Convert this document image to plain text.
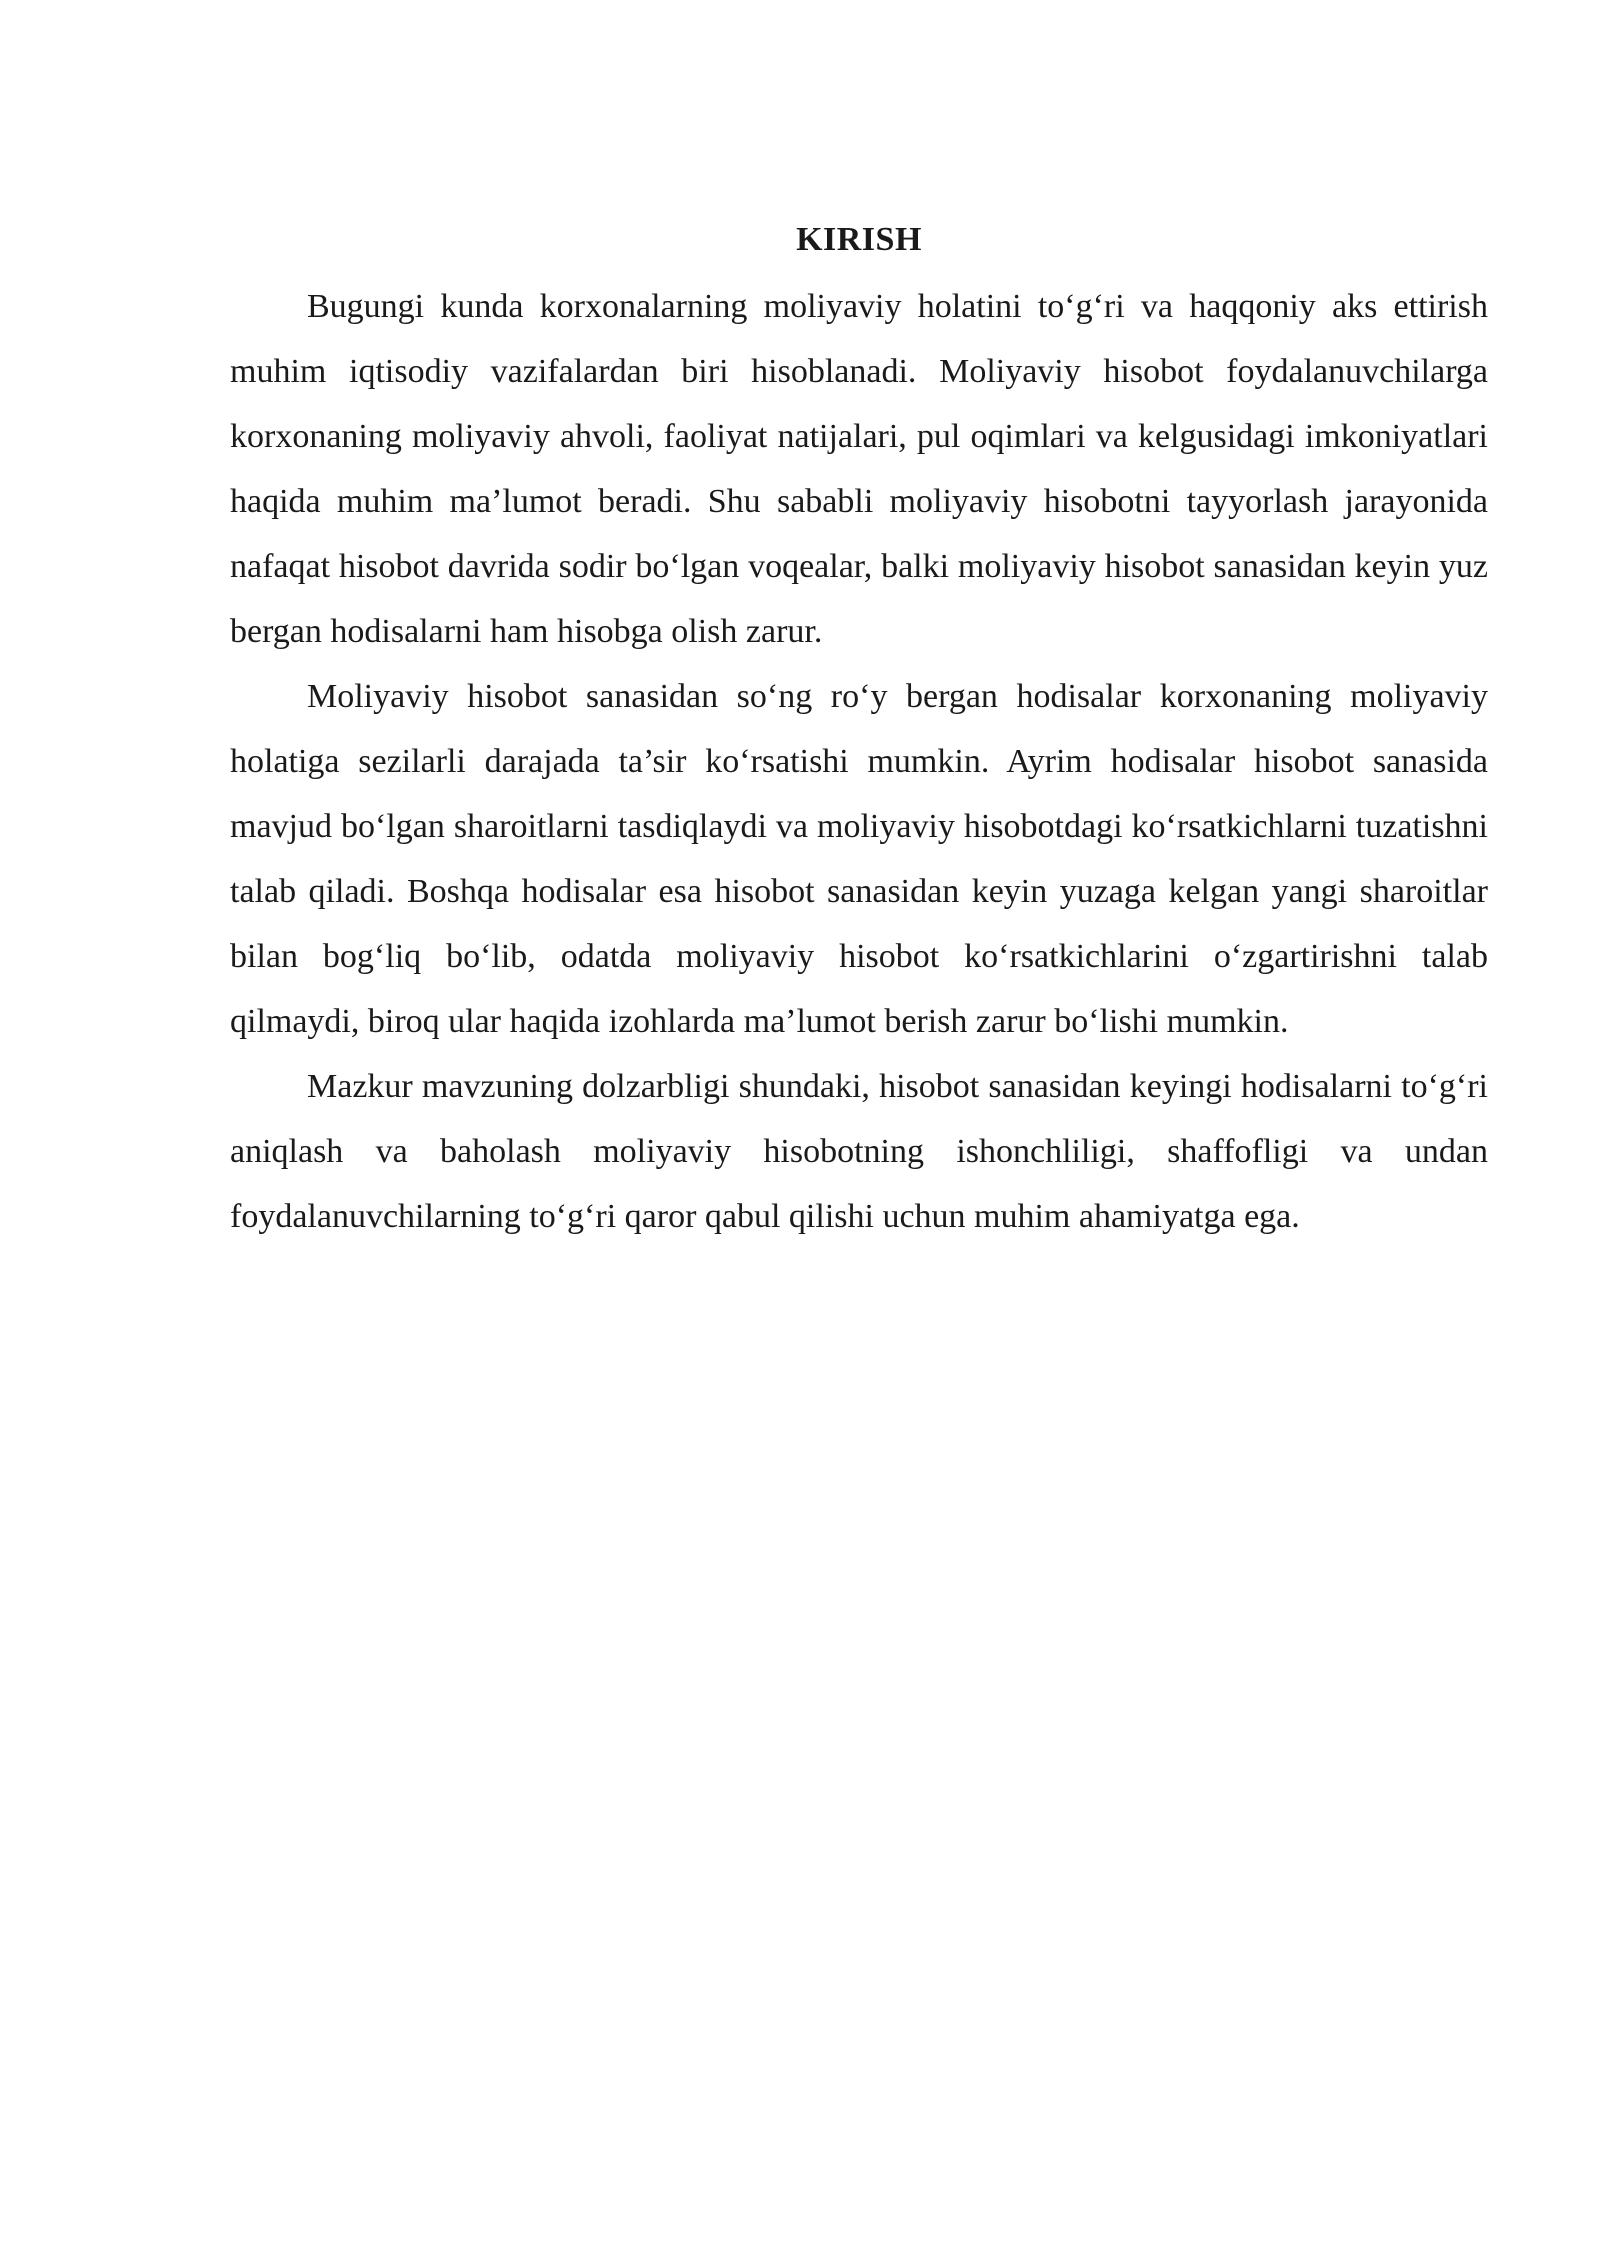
KIRISH

Bugungi kunda korxonalarning moliyaviy holatini to‘g‘ri va haqqoniy aks ettirish muhim iqtisodiy vazifalardan biri hisoblanadi. Moliyaviy hisobot foydalanuvchilarga korxonaning moliyaviy ahvoli, faoliyat natijalari, pul oqimlari va kelgusidagi imkoniyatlari haqida muhim ma’lumot beradi. Shu sababli moliyaviy hisobotni tayyorlash jarayonida nafaqat hisobot davrida sodir bo‘lgan voqealar, balki moliyaviy hisobot sanasidan keyin yuz bergan hodisalarni ham hisobga olish zarur.

Moliyaviy hisobot sanasidan so‘ng ro‘y bergan hodisalar korxonaning moliyaviy holatiga sezilarli darajada ta’sir ko‘rsatishi mumkin. Ayrim hodisalar hisobot sanasida mavjud bo‘lgan sharoitlarni tasdiqlaydi va moliyaviy hisobotdagi ko‘rsatkichlarni tuzatishni talab qiladi. Boshqa hodisalar esa hisobot sanasidan keyin yuzaga kelgan yangi sharoitlar bilan bog‘liq bo‘lib, odatda moliyaviy hisobot ko‘rsatkichlarini o‘zgartirishni talab qilmaydi, biroq ular haqida izohlarda ma’lumot berish zarur bo‘lishi mumkin.

Mazkur mavzuning dolzarbligi shundaki, hisobot sanasidan keyingi hodisalarni to‘g‘ri aniqlash va baholash moliyaviy hisobotning ishonchliligi, shaffofligi va undan foydalanuvchilarning to‘g‘ri qaror qabul qilishi uchun muhim ahamiyatga ega.
